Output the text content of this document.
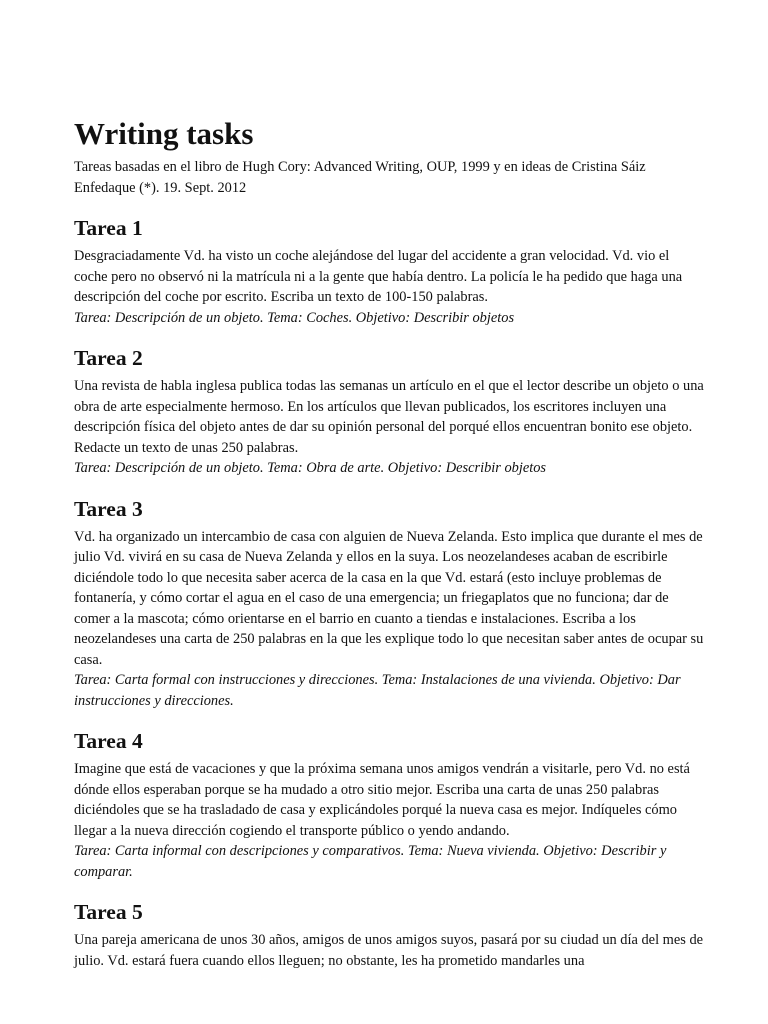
Writing tasks

Tareas basadas en el libro de Hugh Cory: Advanced Writing, OUP, 1999 y en ideas de Cristina Sáiz Enfedaque (*). 19. Sept. 2012

Tarea 1

Desgraciadamente Vd. ha visto un coche alejándose del lugar del accidente a gran velocidad. Vd. vio el coche pero no observó ni la matrícula ni a la gente que había dentro. La policía le ha pedido que haga una descripción del coche por escrito. Escriba un texto de 100-150 palabras.

Tarea: Descripción de un objeto. Tema: Coches. Objetivo: Describir objetos

Tarea 2

Una revista de habla inglesa publica todas las semanas un artículo en el que el lector describe un objeto o una obra de arte especialmente hermoso. En los artículos que llevan publicados, los escritores incluyen una descripción física del objeto antes de dar su opinión personal del porqué ellos encuentran bonito ese objeto. Redacte un texto de unas 250 palabras.

Tarea: Descripción de un objeto. Tema: Obra de arte. Objetivo: Describir objetos

Tarea 3

Vd. ha organizado un intercambio de casa con alguien de Nueva Zelanda. Esto implica que durante el mes de julio Vd. vivirá en su casa de Nueva Zelanda y ellos en la suya. Los neozelandeses acaban de escribirle diciéndole todo lo que necesita saber acerca de la casa en la que Vd. estará (esto incluye problemas de fontanería, y cómo cortar el agua en el caso de una emergencia; un friegaplatos que no funciona; dar de comer a la mascota; cómo orientarse en el barrio en cuanto a tiendas e instalaciones. Escriba a los neozelandeses una carta de 250 palabras en la que les explique todo lo que necesitan saber antes de ocupar su casa.

Tarea: Carta formal con instrucciones y direcciones. Tema: Instalaciones de una vivienda. Objetivo: Dar instrucciones y direcciones.

Tarea 4

Imagine que está de vacaciones y que la próxima semana unos amigos vendrán a visitarle, pero Vd. no está dónde ellos esperaban porque se ha mudado a otro sitio mejor. Escriba una carta de unas 250 palabras diciéndoles que se ha trasladado de casa y explicándoles porqué la nueva casa es mejor. Indíqueles cómo llegar a la nueva dirección cogiendo el transporte público o yendo andando.

Tarea: Carta informal con descripciones y comparativos. Tema: Nueva vivienda. Objetivo: Describir y comparar.

Tarea 5

Una pareja americana de unos 30 años, amigos de unos amigos suyos, pasará por su ciudad un día del mes de julio. Vd. estará fuera cuando ellos lleguen; no obstante, les ha prometido mandarles una
